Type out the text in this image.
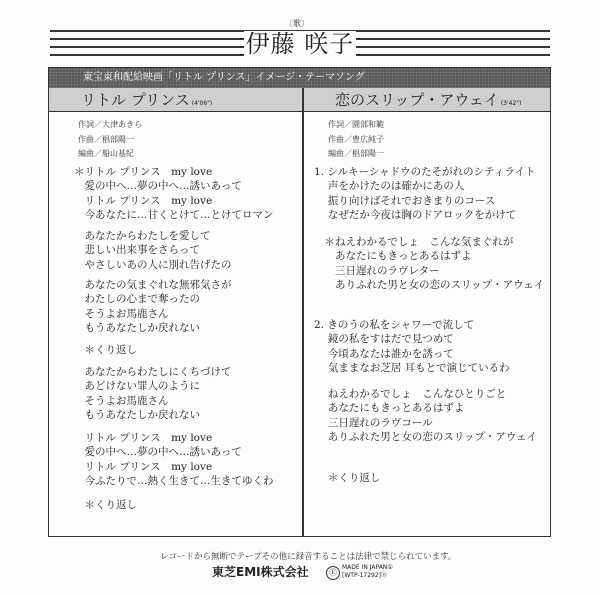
〔歌〕
伊藤 咲子
東宝東和配給映画「リトル プリンス」イメージ・テーマソング
リトル プリンス (4'06")	恋のスリップ・アウェイ (3'42")
作詞／大津あきら
作曲／椙部陽一
編曲／船山基紀
作詞／園部和範
作曲／豊広純子
編曲／椙部陽一
＊リトル プリンス　my love
　愛の中へ…夢の中へ…誘いあって
　リトル プリンス　my love
　今あなたに…甘くとけて…とけてロマン
　あなたからわたしを愛して
　悲しい出来事をさらって
　やさしいあの人に別れ告げたの
　あなたの気まぐれな無邪気さが
　わたしの心まで奪ったの
　そうよお馬鹿さん
　もうあなたしか戻れない
　＊くり返し
　あなたからわたしにくちづけて
　あどけない罪人のように
　そうよお馬鹿さん
　もうあなたしか戻れない
　リトル プリンス　my love
　愛の中へ…夢の中へ…誘いあって
　リトル プリンス　my love
　今ふたりで…熱く生きて…生きてゆくわ
　＊くり返し
1. シルキーシャドウのたそがれのシティライト
　 声をかけたのは確かにあの人
　 振り向けばそれでおきまりのコース
　 なぜだか今夜は胸のドアロックをかけて
　＊ねえわかるでしょ　こんな気まぐれが
　　あなたにもきっとあるはずよ
　　三日遅れのラヴレター
　　ありふれた男と女の恋のスリップ・アウェイ
2. きのうの私をシャワーで流して
　 鏡の私をすはだで見つめて
　 今頃あなたは誰かを誘って
　 気ままなお芝居 耳もとで演じているわ
　 ねえわかるでしょ　こんなひとりごと
　 あなたにもきっとあるはずよ
　 三日遅れのラヴコール
　 ありふれた男と女の恋のスリップ・アウェイ
　 ＊くり返し
レコードから無断でテープその他に録音することは法律で禁じられています。
東芝EMI株式会社	Ⓔ
MADE IN JAPAN①
[WTP-17292]Ⓑ
